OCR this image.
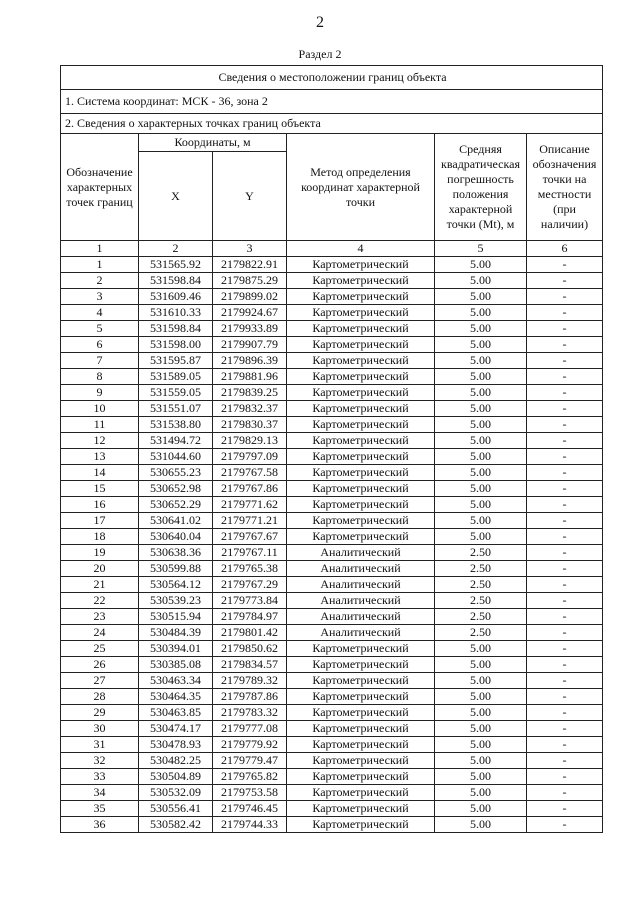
2
Раздел 2
Сведения о местоположении границ объекта					
1. Система координат: МСК - 36, зона 2					
2. Сведения о характерных точках границ объекта					
Обозначение характерных точек границ	Координаты, м		Метод определения координат характерной точки	Средняя квадратическая погрешность положения характерной точки (Mt), м	Описание обозначения точки на местности (при наличии)
	X	Y			
1	2	3	4	5	6
1	531565.92	2179822.91	Картометрический	5.00	-
2	531598.84	2179875.29	Картометрический	5.00	-
3	531609.46	2179899.02	Картометрический	5.00	-
4	531610.33	2179924.67	Картометрический	5.00	-
5	531598.84	2179933.89	Картометрический	5.00	-
6	531598.00	2179907.79	Картометрический	5.00	-
7	531595.87	2179896.39	Картометрический	5.00	-
8	531589.05	2179881.96	Картометрический	5.00	-
9	531559.05	2179839.25	Картометрический	5.00	-
10	531551.07	2179832.37	Картометрический	5.00	-
11	531538.80	2179830.37	Картометрический	5.00	-
12	531494.72	2179829.13	Картометрический	5.00	-
13	531044.60	2179797.09	Картометрический	5.00	-
14	530655.23	2179767.58	Картометрический	5.00	-
15	530652.98	2179767.86	Картометрический	5.00	-
16	530652.29	2179771.62	Картометрический	5.00	-
17	530641.02	2179771.21	Картометрический	5.00	-
18	530640.04	2179767.67	Картометрический	5.00	-
19	530638.36	2179767.11	Аналитический	2.50	-
20	530599.88	2179765.38	Аналитический	2.50	-
21	530564.12	2179767.29	Аналитический	2.50	-
22	530539.23	2179773.84	Аналитический	2.50	-
23	530515.94	2179784.97	Аналитический	2.50	-
24	530484.39	2179801.42	Аналитический	2.50	-
25	530394.01	2179850.62	Картометрический	5.00	-
26	530385.08	2179834.57	Картометрический	5.00	-
27	530463.34	2179789.32	Картометрический	5.00	-
28	530464.35	2179787.86	Картометрический	5.00	-
29	530463.85	2179783.32	Картометрический	5.00	-
30	530474.17	2179777.08	Картометрический	5.00	-
31	530478.93	2179779.92	Картометрический	5.00	-
32	530482.25	2179779.47	Картометрический	5.00	-
33	530504.89	2179765.82	Картометрический	5.00	-
34	530532.09	2179753.58	Картометрический	5.00	-
35	530556.41	2179746.45	Картометрический	5.00	-
36	530582.42	2179744.33	Картометрический	5.00	-
